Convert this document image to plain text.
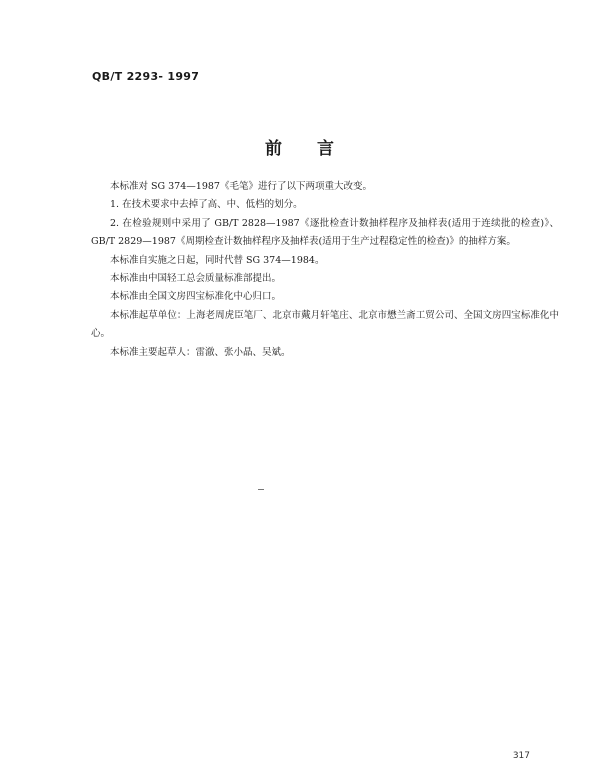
QB/T 2293- 1997
前 言

本标准对 SG 374—1987《毛笔》进行了以下两项重大改变。

1. 在技术要求中去掉了高、中、低档的划分。

2. 在检验规则中采用了 GB/T 2828—1987《逐批检查计数抽样程序及抽样表(适用于连续批的检查)》、GB/T 2829—1987《周期检查计数抽样程序及抽样表(适用于生产过程稳定性的检查)》的抽样方案。

本标准自实施之日起，同时代替 SG 374—1984。

本标准由中国轻工总会质量标准部提出。

本标准由全国文房四宝标准化中心归口。

本标准起草单位：上海老周虎臣笔厂、北京市戴月轩笔庄、北京市懋兰斋工贸公司、全国文房四宝标准化中心。

本标准主要起草人：雷澈、张小晶、吴斌。

317
